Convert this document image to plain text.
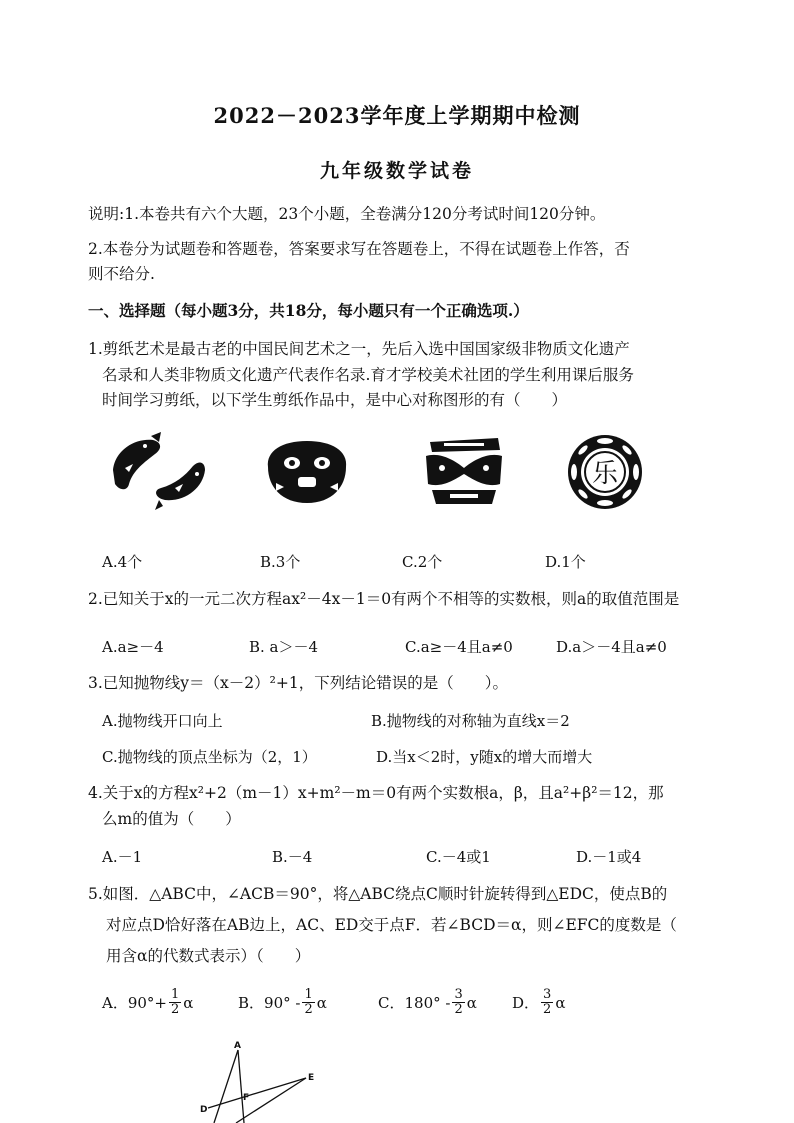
2022－2023学年度上学期期中检测
九年级数学试卷
说明:1.本卷共有六个大题，23个小题，全卷满分120分考试时间120分钟。
2.本卷分为试题卷和答题卷，答案要求写在答题卷上，不得在试题卷上作答，否
则不给分.
一、选择题（每小题3分，共18分，每小题只有一个正确选项.）
1.剪纸艺术是最古老的中国民间艺术之一，先后入选中国国家级非物质文化遗产
名录和人类非物质文化遗产代表作名录.育才学校美术社团的学生利用课后服务
时间学习剪纸，以下学生剪纸作品中，是中心对称图形的有（　　）
乐
A.4个	B.3个	C.2个	D.1个
2.已知关于x的一元二次方程ax²－4x－1＝0有两个不相等的实数根，则a的取值范围是
A.a≥－4	B. a＞－4	C.a≥－4且a≠0	D.a＞－4且a≠0
3.已知抛物线y＝（x－2）²+1，下列结论错误的是（　　）。
A.抛物线开口向上	B.抛物线的对称轴为直线x＝2
C.抛物线的顶点坐标为（2，1）	D.当x＜2时，y随x的增大而增大
4.关于x的方程x²+2（m－1）x+m²－m＝0有两个实数根a，β，且a²+β²＝12，那
么m的值为（　　）
A.－1	B.－4	C.－4或1	D.－1或4
5.如图．△ABC中，∠ACB＝90°，将△ABC绕点C顺时针旋转得到△EDC，使点B的
对应点D恰好落在AB边上，AC、ED交于点F．若∠BCD＝α，则∠EFC的度数是（
用含α的代数式表示）（　　）
A．$90^\circ+ \frac{1}{2}$ α	B．$90^\circ - \frac{1}{2}$ α	C．$180^\circ - \frac{3}{2}$ α D． $\frac{3}{2}$ α
A
E
D
F
